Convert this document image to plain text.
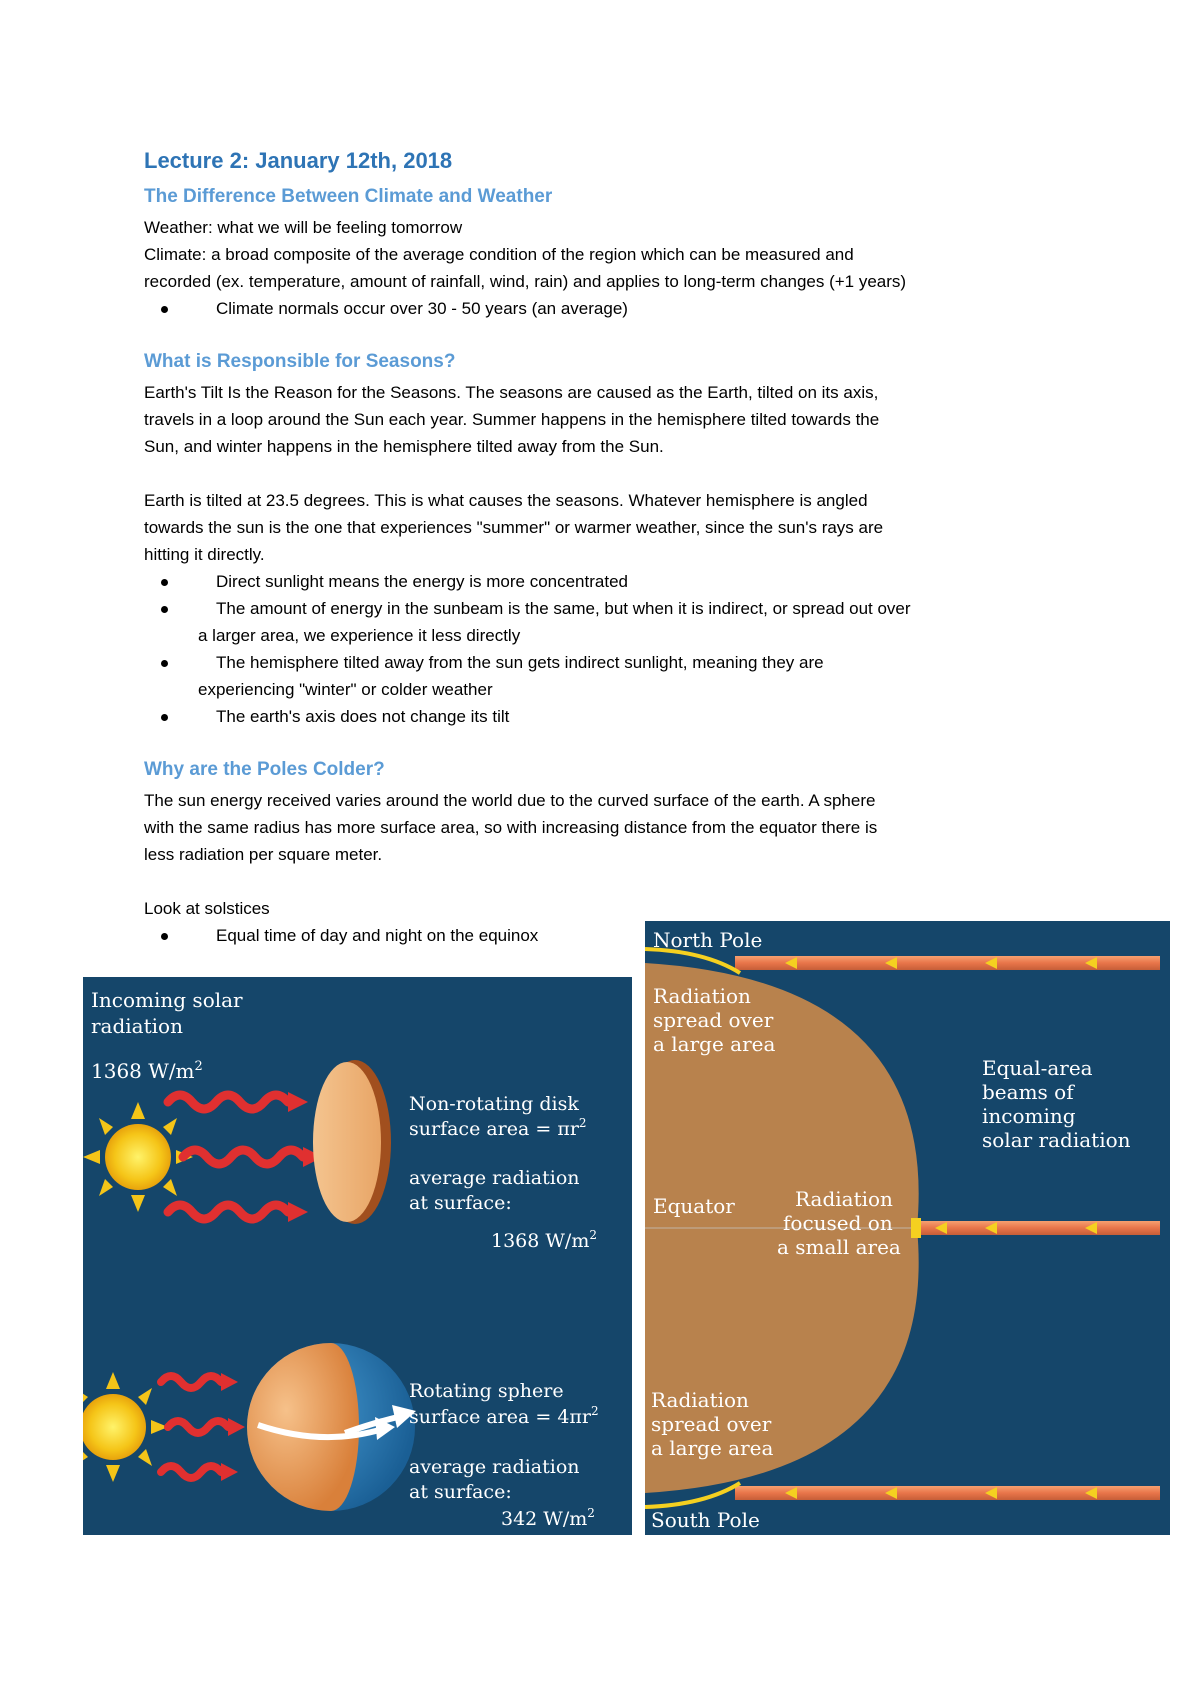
Lecture 2: January 12th, 2018
The Difference Between Climate and Weather

Weather: what we will be feeling tomorrow

Climate: a broad composite of the average condition of the region which can be measured and

recorded (ex. temperature, amount of rainfall, wind, rain) and applies to long-term changes (+1 years)

Climate normals occur over 30 - 50 years (an average)
What is Responsible for Seasons?

Earth's Tilt Is the Reason for the Seasons. The seasons are caused as the Earth, tilted on its axis,

travels in a loop around the Sun each year. Summer happens in the hemisphere tilted towards the

Sun, and winter happens in the hemisphere tilted away from the Sun.

Earth is tilted at 23.5 degrees. This is what causes the seasons. Whatever hemisphere is angled

towards the sun is the one that experiences "summer" or warmer weather, since the sun's rays are

hitting it directly.

Direct sunlight means the energy is more concentrated
The amount of energy in the sunbeam is the same, but when it is indirect, or spread out over
a larger area, we experience it less directly
The hemisphere tilted away from the sun gets indirect sunlight, meaning they are
experiencing "winter" or colder weather
The earth's axis does not change its tilt
Why are the Poles Colder?

The sun energy received varies around the world due to the curved surface of the earth. A sphere

with the same radius has more surface area, so with increasing distance from the equator there is

less radiation per square meter.

Look at solstices

Equal time of day and night on the equinox
Incoming solar
radiation
1368 $W/m^2$
Non-rotating disk
surface area = $\pi r^2$
average radiation
at surface:
1368 $W/m^2$
Rotating sphere
surface area = $4\pi r^2$
average radiation
at surface:
342 $W/m^2$
North Pole
Radiation
spread over
a large area
Equal-area
beams of
incoming
solar radiation
Equator	Radiation
focused on
a small area
Radiation
spread over
a large area
South Pole
